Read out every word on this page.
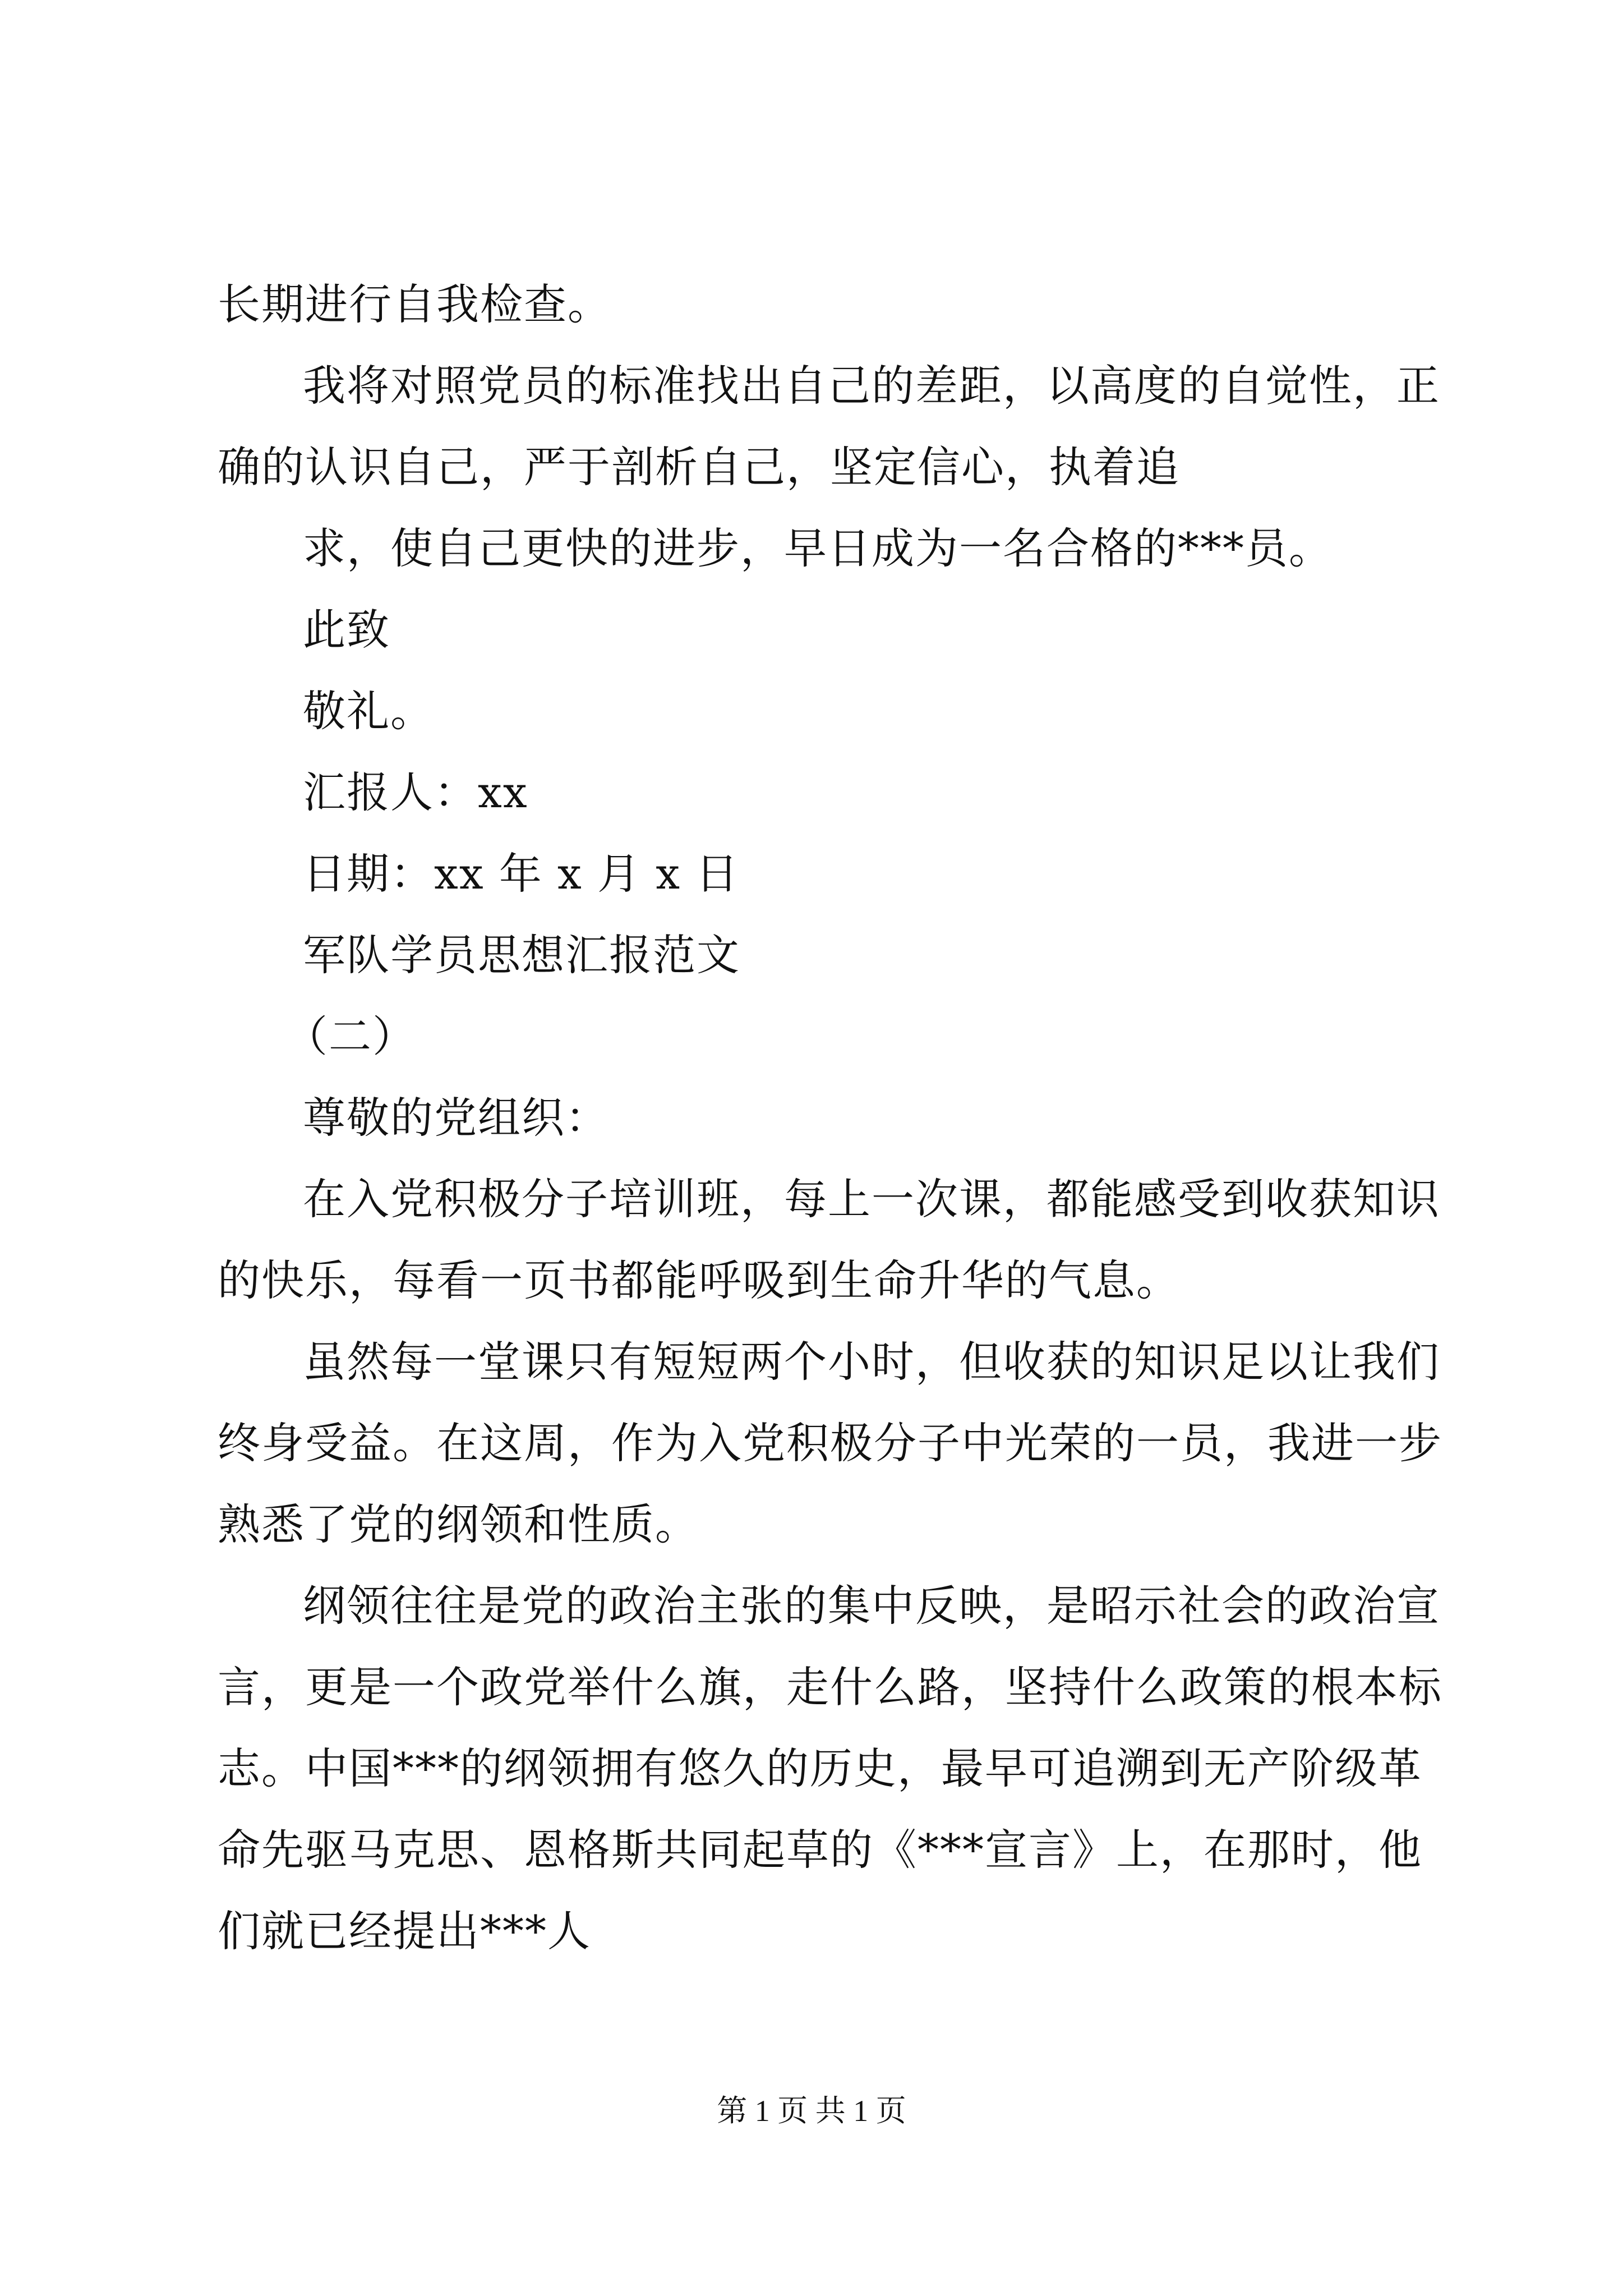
长期进行自我检查。
我将对照党员的标准找出自己的差距，以高度的自觉性，正
确的认识自己，严于剖析自己，坚定信心，执着追
求，使自己更快的进步，早日成为一名合格的***员。
此致
敬礼。
汇报人：xx
日期：xx 年 x 月 x 日
军队学员思想汇报范文
（二）
尊敬的党组织：
在入党积极分子培训班，每上一次课，都能感受到收获知识
的快乐，每看一页书都能呼吸到生命升华的气息。
虽然每一堂课只有短短两个小时，但收获的知识足以让我们
终身受益。在这周，作为入党积极分子中光荣的一员，我进一步
熟悉了党的纲领和性质。
纲领往往是党的政治主张的集中反映，是昭示社会的政治宣
言，更是一个政党举什么旗，走什么路，坚持什么政策的根本标
志。中国***的纲领拥有悠久的历史，最早可追溯到无产阶级革
命先驱马克思、恩格斯共同起草的《***宣言》上，在那时，他
们就已经提出***人
第 1 页 共 1 页
